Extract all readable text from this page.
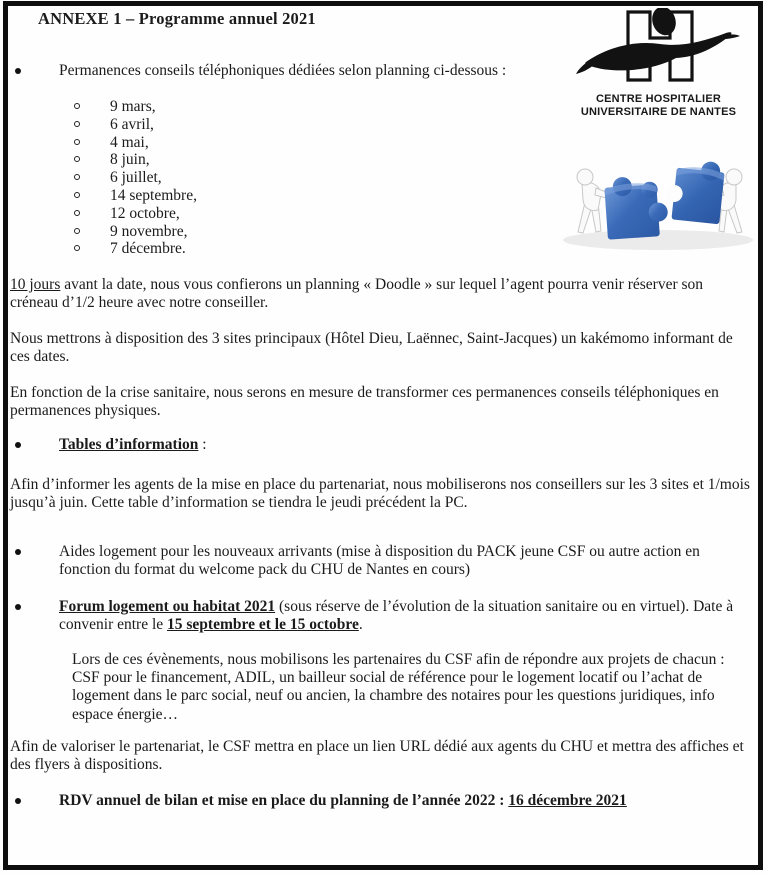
ANNEXE 1 – Programme annuel 2021
CENTRE HOSPITALIER
UNIVERSITAIRE DE NANTES
Permanences conseils téléphoniques dédiées selon planning ci-dessous :
9 mars,
6 avril,
4 mai,
8 juin,
6 juillet,
14 septembre,
12 octobre,
9 novembre,
7 décembre.
10 jours avant la date, nous vous confierons un planning « Doodle » sur lequel l’agent pourra venir réserver son créneau d’1/2 heure avec notre conseiller.
Nous mettrons à disposition des 3 sites principaux (Hôtel Dieu, Laënnec, Saint-Jacques) un kakémomo informant de ces dates.
En fonction de la crise sanitaire, nous serons en mesure de transformer ces permanences conseils téléphoniques en permanences physiques.
Tables d’information :
Afin d’informer les agents de la mise en place du partenariat, nous mobiliserons nos conseillers sur les 3 sites et 1/mois jusqu’à juin. Cette table d’information se tiendra le jeudi précédent la PC.
Aides logement pour les nouveaux arrivants (mise à disposition du PACK jeune CSF ou autre action en fonction du format du welcome pack du CHU de Nantes en cours)
Forum logement ou habitat 2021 (sous réserve de l’évolution de la situation sanitaire ou en virtuel). Date à convenir entre le 15 septembre et le 15 octobre.
Lors de ces évènements, nous mobilisons les partenaires du CSF afin de répondre aux projets de chacun : CSF pour le financement, ADIL, un bailleur social de référence pour le logement locatif ou l’achat de logement dans le parc social, neuf ou ancien, la chambre des notaires pour les questions juridiques, info espace énergie…
Afin de valoriser le partenariat, le CSF mettra en place un lien URL dédié aux agents du CHU et mettra des affiches et des flyers à dispositions.
RDV annuel de bilan et mise en place du planning de l’année 2022 : 16 décembre 2021
